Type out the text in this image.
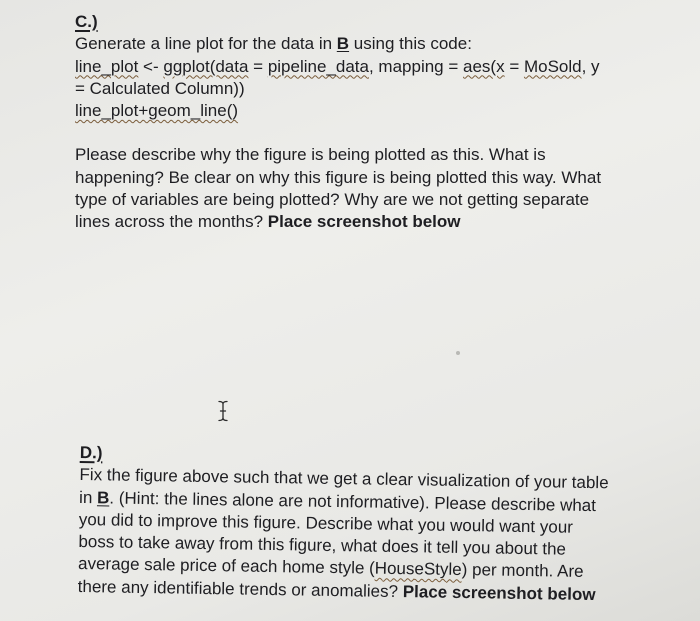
C.)
Generate a line plot for the data in B using this code:
line_plot <- ggplot(data = pipeline_data, mapping = aes(x = MoSold, y
= Calculated Column))
line_plot+geom_line()
Please describe why the figure is being plotted as this. What is
happening? Be clear on why this figure is being plotted this way. What
type of variables are being plotted? Why are we not getting separate
lines across the months? Place screenshot below
D.)
Fix the figure above such that we get a clear visualization of your table
in B. (Hint: the lines alone are not informative). Please describe what
you did to improve this figure. Describe what you would want your
boss to take away from this figure, what does it tell you about the
average sale price of each home style (HouseStyle) per month. Are
there any identifiable trends or anomalies? Place screenshot below
